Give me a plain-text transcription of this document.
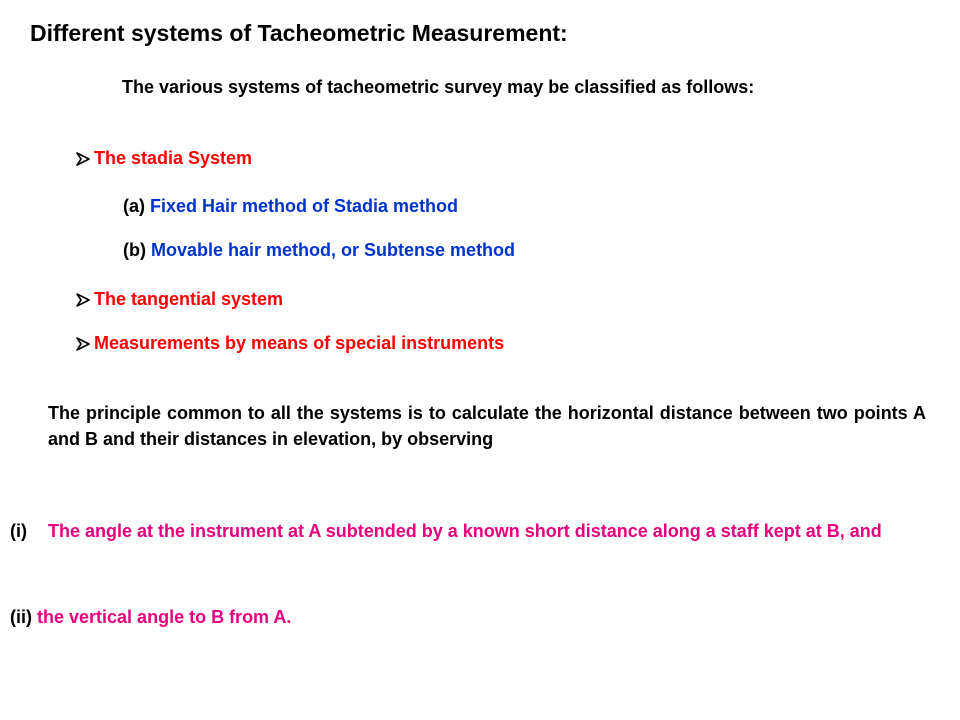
Different systems of Tacheometric Measurement:
The various systems of tacheometric survey may be classified as follows:
The stadia System
(a) Fixed Hair method of Stadia method
(b) Movable hair method, or Subtense method
The tangential system
Measurements by means of special instruments
The principle common to all the systems is to calculate the horizontal distance between two points A and B and their distances in elevation, by observing
(i)	The angle at the instrument at A subtended by a known short distance along a staff kept at B, and
(ii) the vertical angle to B from A.
